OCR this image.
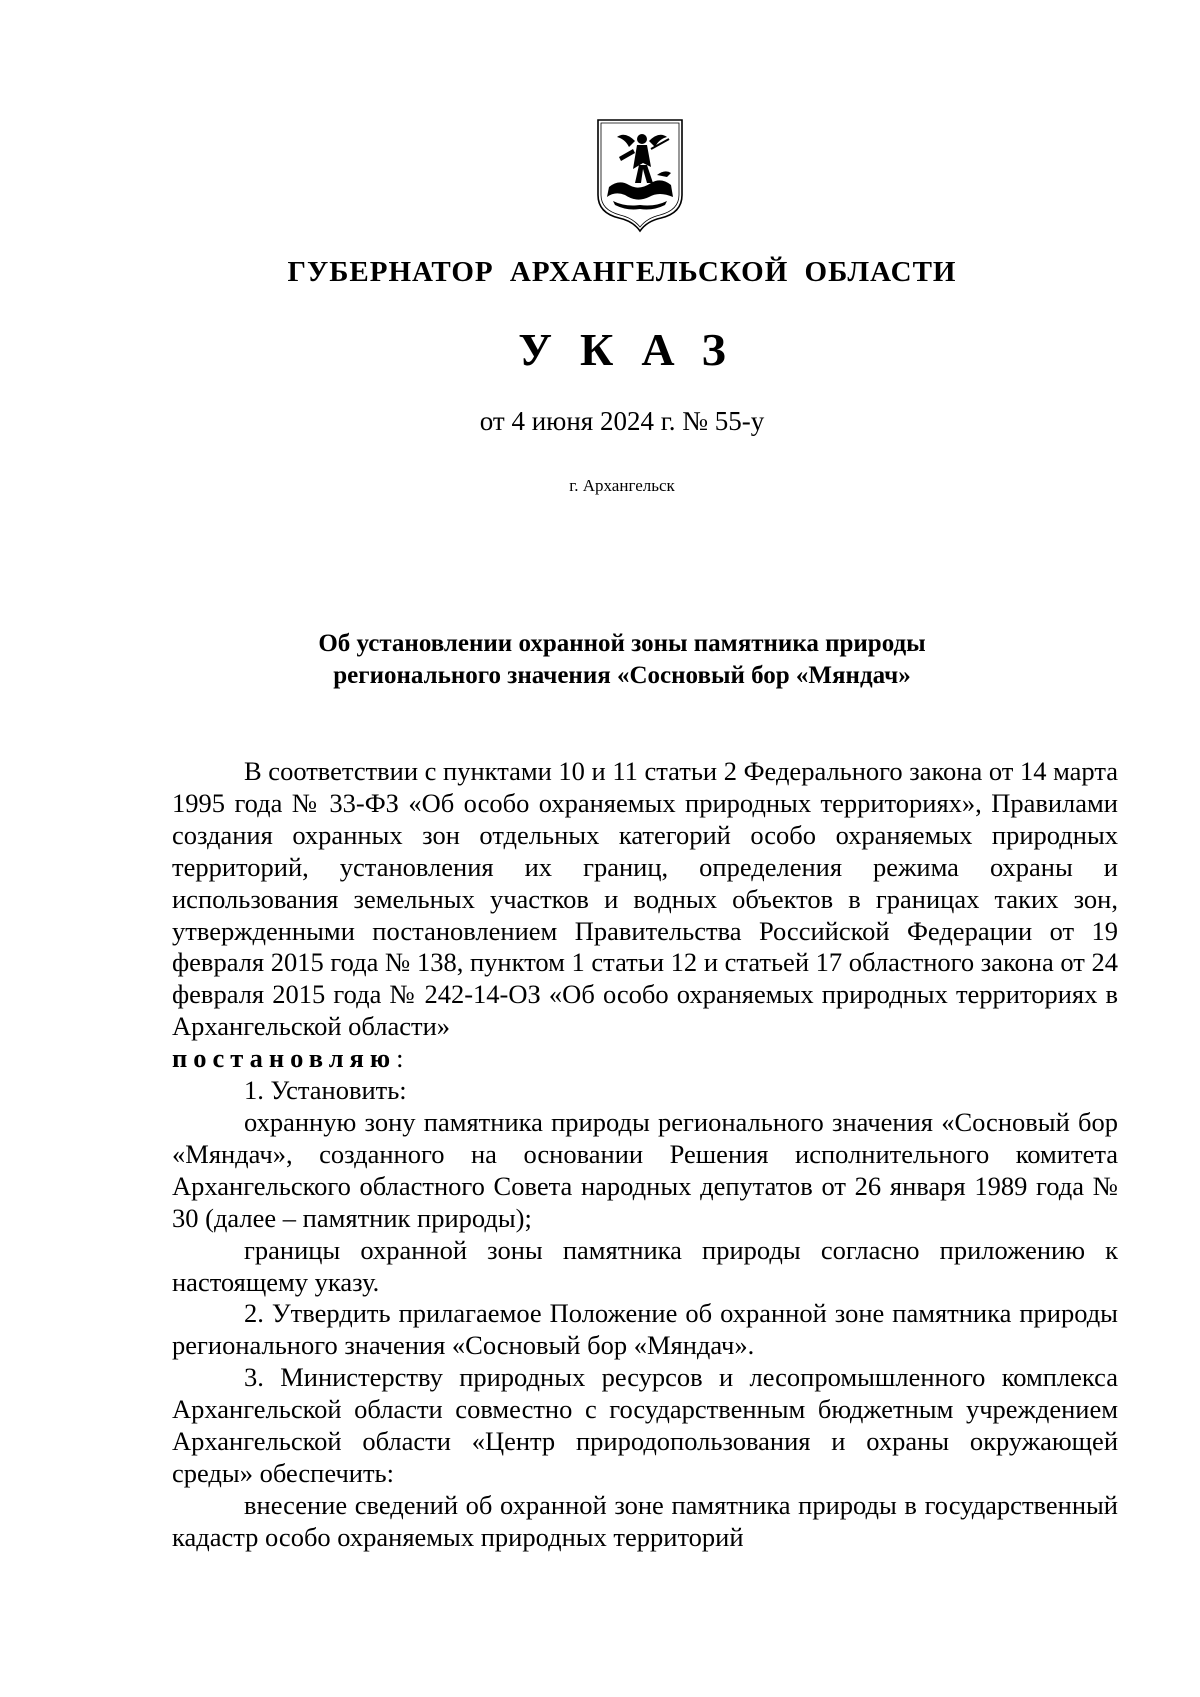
ГУБЕРНАТОР АРХАНГЕЛЬСКОЙ ОБЛАСТИ
УКАЗ
от 4 июня 2024 г. № 55-у
г. Архангельск
Об установлении охранной зоны памятника природы
регионального значения «Сосновый бор «Мяндач»

В соответствии с пунктами 10 и 11 статьи 2 Федерального закона от 14 марта 1995 года № 33-ФЗ «Об особо охраняемых природных территориях», Правилами создания охранных зон отдельных категорий особо охраняемых природных территорий, установления их границ, определения режима охраны и использования земельных участков и водных объектов в границах таких зон, утвержденными постановлением Правительства Российской Федерации от 19 февраля 2015 года № 138, пунктом 1 статьи 12 и статьей 17 областного закона от 24 февраля 2015 года № 242-14-ОЗ «Об особо охраняемых природных территориях в Архангельской области»

постановляю:

1. Установить:

охранную зону памятника природы регионального значения «Сосновый бор «Мяндач», созданного на основании Решения исполнительного комитета Архангельского областного Совета народных депутатов от 26 января 1989 года № 30 (далее – памятник природы);

границы охранной зоны памятника природы согласно приложению к настоящему указу.

2. Утвердить прилагаемое Положение об охранной зоне памятника природы регионального значения «Сосновый бор «Мяндач».

3. Министерству природных ресурсов и лесопромышленного комплекса Архангельской области совместно с государственным бюджетным учреждением Архангельской области «Центр природопользования и охраны окружающей среды» обеспечить:

внесение сведений об охранной зоне памятника природы в государственный кадастр особо охраняемых природных территорий
